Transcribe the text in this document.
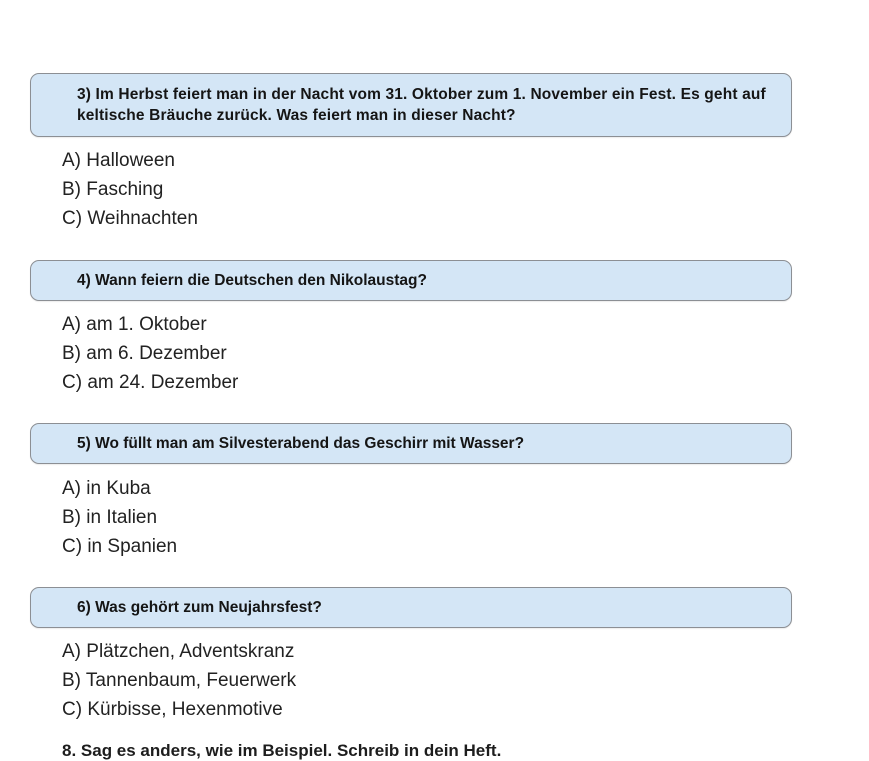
3) Im Herbst feiert man in der Nacht vom 31. Oktober zum 1. November ein Fest. Es geht auf keltische Bräuche zurück. Was feiert man in dieser Nacht?
A) Halloween
B) Fasching
C) Weihnachten
4) Wann feiern die Deutschen den Nikolaustag?
A) am 1. Oktober
B) am 6. Dezember
C) am 24. Dezember
5) Wo füllt man am Silvesterabend das Geschirr mit Wasser?
A) in Kuba
B) in Italien
C) in Spanien
6) Was gehört zum Neujahrsfest?
A) Plätzchen, Adventskranz
B) Tannenbaum, Feuerwerk
C) Kürbisse, Hexenmotive
8. Sag es anders, wie im Beispiel. Schreib in dein Heft.
